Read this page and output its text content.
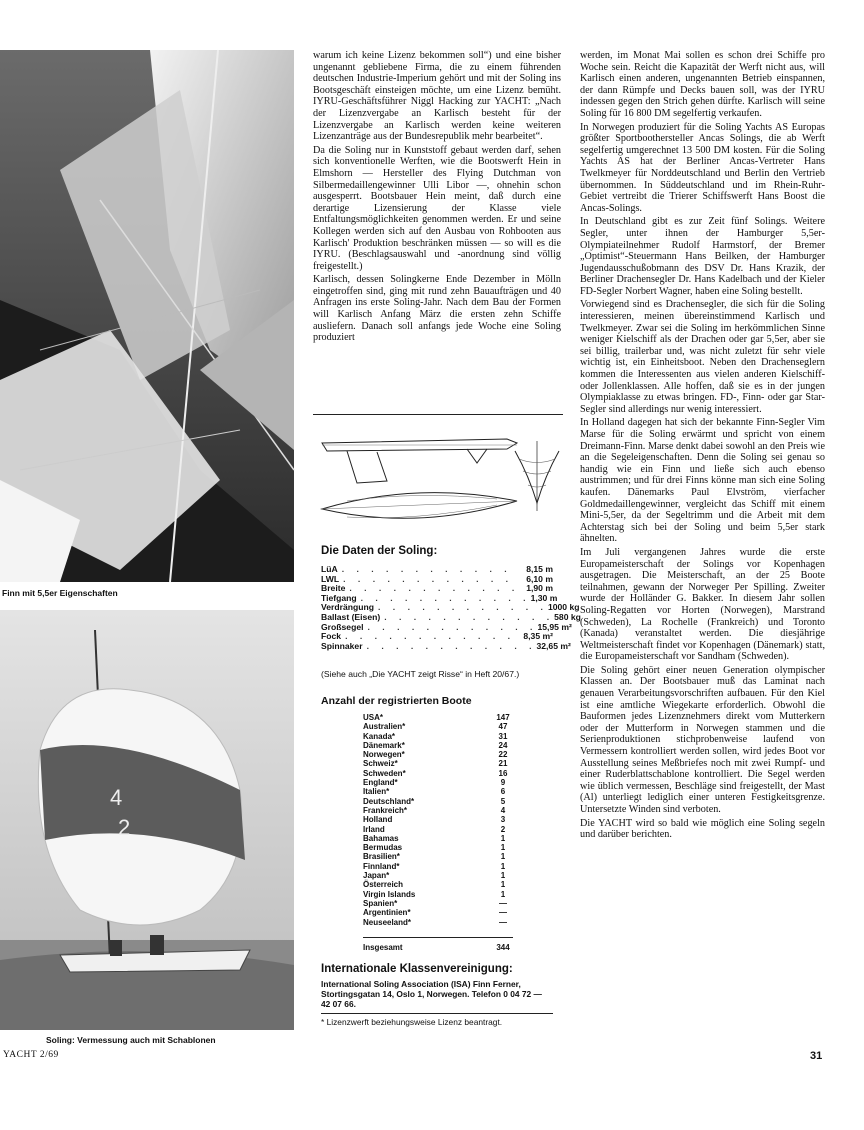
Finn mit 5,5er Eigenschaften
4
2
Soling: Vermessung auch mit Schablonen

warum ich keine Lizenz bekommen soll“) und eine bisher ungenannt gebliebene Firma, die zu einem führenden deutschen Industrie-Imperium gehört und mit der Soling ins Bootsgeschäft einsteigen möchte, um eine Lizenz bemüht. IYRU-Geschäftsführer Niggl Hacking zur YACHT: „Nach der Lizenzvergabe an Karlisch besteht für der Lizenzvergabe an Karlisch werden keine weiteren Lizenzanträge aus der Bundesrepublik mehr bearbeitet“.

Da die Soling nur in Kunststoff gebaut werden darf, sehen sich konventionelle Werften, wie die Bootswerft Hein in Elmshorn — Hersteller des Flying Dutchman von Silbermedaillengewinner Ulli Libor —, ohnehin schon ausgesperrt. Bootsbauer Hein meint, daß durch eine derartige Lizensierung der Klasse viele Entfaltungsmöglichkeiten genommen werden. Er und seine Kollegen werden sich auf den Ausbau von Rohbooten aus Karlisch' Produktion beschränken müssen — so will es die IYRU. (Beschlagsauswahl und -anordnung sind völlig freigestellt.)

Karlisch, dessen Solingkerne Ende Dezember in Mölln eingetroffen sind, ging mit rund zehn Bauaufträgen und 40 Anfragen ins erste Soling-Jahr. Nach dem Bau der Formen will Karlisch Anfang März die ersten zehn Schiffe ausliefern. Danach soll anfangs jede Woche eine Soling produziert

Die Daten der Soling:
LüA . . . . . . . . . . . .	8,15 m
LWL . . . . . . . . . . . .	6,10 m
Breite . . . . . . . . . . . . 1,90 m
Tiefgang . . . . . . . . . . . . 1,30 m
Verdrängung . . . . . . . . . . . . 1000 kg
Ballast (Eisen) . . . . . . . . . . . . 580 kg
Großsegel . . . . . . . . . . . . 15,95 m²
Fock . . . . . . . . . . . . 8,35 m²
Spinnaker . . . . . . . . . . . . 32,65 m²
(Siehe auch „Die YACHT zeigt Risse“ in Heft 20/67.)
Anzahl der registrierten Boote
USA*	147
Australien*	47
Kanada*	31
Dänemark*	24
Norwegen*	22
Schweiz*	21
Schweden*	16
England*	9
Italien*	6
Deutschland*	5
Frankreich*	4
Holland	3
Irland	2
Bahamas	1
Bermudas	1
Brasilien*	1
Finnland*	1
Japan*	1
Österreich	1
Virgin Islands	1
Spanien*	—
Argentinien*	—
Neuseeland*	—
Insgesamt	344
Internationale Klassenvereinigung:
International Soling Association (ISA) Finn Ferner, Stortingsgatan 14, Oslo 1, Norwegen. Telefon 0 04 72 — 42 07 66.
* Lizenzwerft beziehungsweise Lizenz beantragt.

werden, im Monat Mai sollen es schon drei Schiffe pro Woche sein. Reicht die Kapazität der Werft nicht aus, will Karlisch einen anderen, ungenannten Betrieb einspannen, der dann Rümpfe und Decks bauen soll, was der IYRU indessen gegen den Strich gehen dürfte. Karlisch will seine Soling für 16 800 DM segelfertig verkaufen.

In Norwegen produziert für die Soling Yachts AS Europas größter Sportboothersteller Ancas Solings, die ab Werft segelfertig umgerechnet 13 500 DM kosten. Für die Soling Yachts AS hat der Berliner Ancas-Vertreter Hans Twelkmeyer für Norddeutschland und Berlin den Vertrieb übernommen. In Süddeutschland und im Rhein-Ruhr-Gebiet vertreibt die Trierer Schiffswerft Hans Boost die Ancas-Solings.

In Deutschland gibt es zur Zeit fünf Solings. Weitere Segler, unter ihnen der Hamburger 5,5er-Olympiateilnehmer Rudolf Harmstorf, der Bremer „Optimist“-Steuermann Hans Beilken, der Hamburger Jugendausschußobmann des DSV Dr. Hans Krazik, der Berliner Drachensegler Dr. Hans Kadelbach und der Kieler FD-Segler Norbert Wagner, haben eine Soling bestellt.

Vorwiegend sind es Drachensegler, die sich für die Soling interessieren, meinen übereinstimmend Karlisch und Twelkmeyer. Zwar sei die Soling im herkömmlichen Sinne weniger Kielschiff als der Drachen oder gar 5,5er, aber sie sei billig, trailerbar und, was nicht zuletzt für sehr viele wichtig ist, ein Einheitsboot. Neben den Drachenseglern kommen die Interessenten aus vielen anderen Kielschiff- oder Jollenklassen. Alle hoffen, daß sie es in der jungen Olympiaklasse zu etwas bringen. FD-, Finn- oder gar Star-Segler sind allerdings nur wenig interessiert.

In Holland dagegen hat sich der bekannte Finn-Segler Vim Marse für die Soling erwärmt und spricht von einem Dreimann-Finn. Marse denkt dabei sowohl an den Preis wie an die Segeleigenschaften. Denn die Soling sei genau so handig wie ein Finn und ließe sich auch ebenso austrimmen; und für drei Finns könne man sich eine Soling kaufen. Dänemarks Paul Elvström, vierfacher Goldmedaillengewinner, vergleicht das Schiff mit einem Mini-5,5er, da der Segeltrimm und die Arbeit mit dem Achterstag sich bei der Soling und beim 5,5er stark ähnelten.

Im Juli vergangenen Jahres wurde die erste Europameisterschaft der Solings vor Kopenhagen ausgetragen. Die Meisterschaft, an der 25 Boote teilnahmen, gewann der Norweger Per Spilling. Zweiter wurde der Holländer G. Bakker. In diesem Jahr sollen Soling-Regatten vor Horten (Norwegen), Marstrand (Schweden), La Rochelle (Frankreich) und Toronto (Kanada) veranstaltet werden. Die diesjährige Weltmeisterschaft findet vor Kopenhagen (Dänemark) statt, die Europameisterschaft vor Sandham (Schweden).

Die Soling gehört einer neuen Generation olympischer Klassen an. Der Bootsbauer muß das Laminat nach genauen Verarbeitungsvorschriften aufbauen. Für den Kiel ist eine amtliche Wiegekarte erforderlich. Obwohl die Bauformen jedes Lizenznehmers direkt vom Mutterkern oder der Mutterform in Norwegen stammen und die Serienproduktionen stichprobenweise laufend von Vermessern kontrolliert werden sollen, wird jedes Boot vor Ausstellung seines Meßbriefes noch mit zwei Rumpf- und einer Ruderblattschablone kontrolliert. Die Segel werden wie üblich vermessen, Beschläge sind freigestellt, der Mast (Al) unterliegt lediglich einer unteren Festigkeitsgrenze. Untersetzte Winden sind verboten.

Die YACHT wird so bald wie möglich eine Soling segeln und darüber berichten.

YACHT 2/69	31
